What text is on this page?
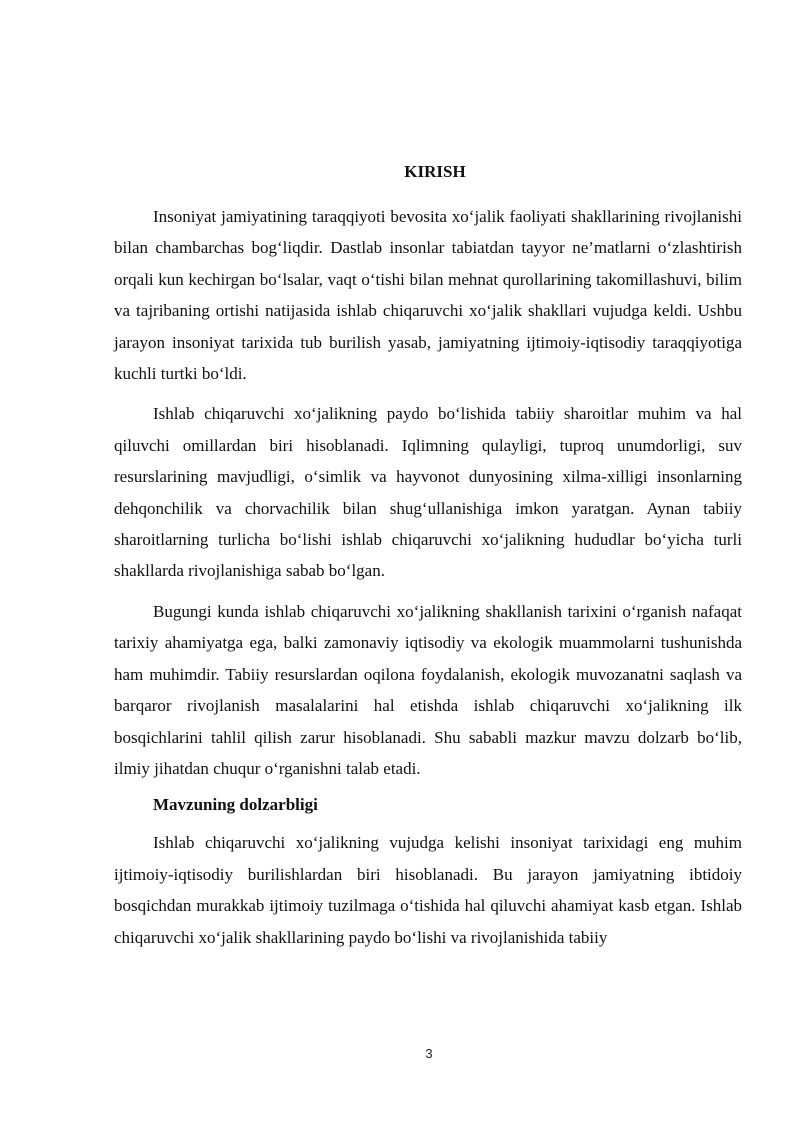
KIRISH

Insoniyat jamiyatining taraqqiyoti bevosita xo‘jalik faoliyati shakllarining rivojlanishi bilan chambarchas bog‘liqdir. Dastlab insonlar tabiatdan tayyor ne’matlarni o‘zlashtirish orqali kun kechirgan bo‘lsalar, vaqt o‘tishi bilan mehnat qurollarining takomillashuvi, bilim va tajribaning ortishi natijasida ishlab chiqaruvchi xo‘jalik shakllari vujudga keldi. Ushbu jarayon insoniyat tarixida tub burilish yasab, jamiyatning ijtimoiy-iqtisodiy taraqqiyotiga kuchli turtki bo‘ldi.

Ishlab chiqaruvchi xo‘jalikning paydo bo‘lishida tabiiy sharoitlar muhim va hal qiluvchi omillardan biri hisoblanadi. Iqlimning qulayligi, tuproq unumdorligi, suv resurslarining mavjudligi, o‘simlik va hayvonot dunyosining xilma-xilligi insonlarning dehqonchilik va chorvachilik bilan shug‘ullanishiga imkon yaratgan. Aynan tabiiy sharoitlarning turlicha bo‘lishi ishlab chiqaruvchi xo‘jalikning hududlar bo‘yicha turli shakllarda rivojlanishiga sabab bo‘lgan.

Bugungi kunda ishlab chiqaruvchi xo‘jalikning shakllanish tarixini o‘rganish nafaqat tarixiy ahamiyatga ega, balki zamonaviy iqtisodiy va ekologik muammolarni tushunishda ham muhimdir. Tabiiy resurslardan oqilona foydalanish, ekologik muvozanatni saqlash va barqaror rivojlanish masalalarini hal etishda ishlab chiqaruvchi xo‘jalikning ilk bosqichlarini tahlil qilish zarur hisoblanadi. Shu sababli mazkur mavzu dolzarb bo‘lib, ilmiy jihatdan chuqur o‘rganishni talab etadi.

Mavzuning dolzarbligi

Ishlab chiqaruvchi xo‘jalikning vujudga kelishi insoniyat tarixidagi eng muhim ijtimoiy-iqtisodiy burilishlardan biri hisoblanadi. Bu jarayon jamiyatning ibtidoiy bosqichdan murakkab ijtimoiy tuzilmaga o‘tishida hal qiluvchi ahamiyat kasb etgan. Ishlab chiqaruvchi xo‘jalik shakllarining paydo bo‘lishi va rivojlanishida tabiiy

3
